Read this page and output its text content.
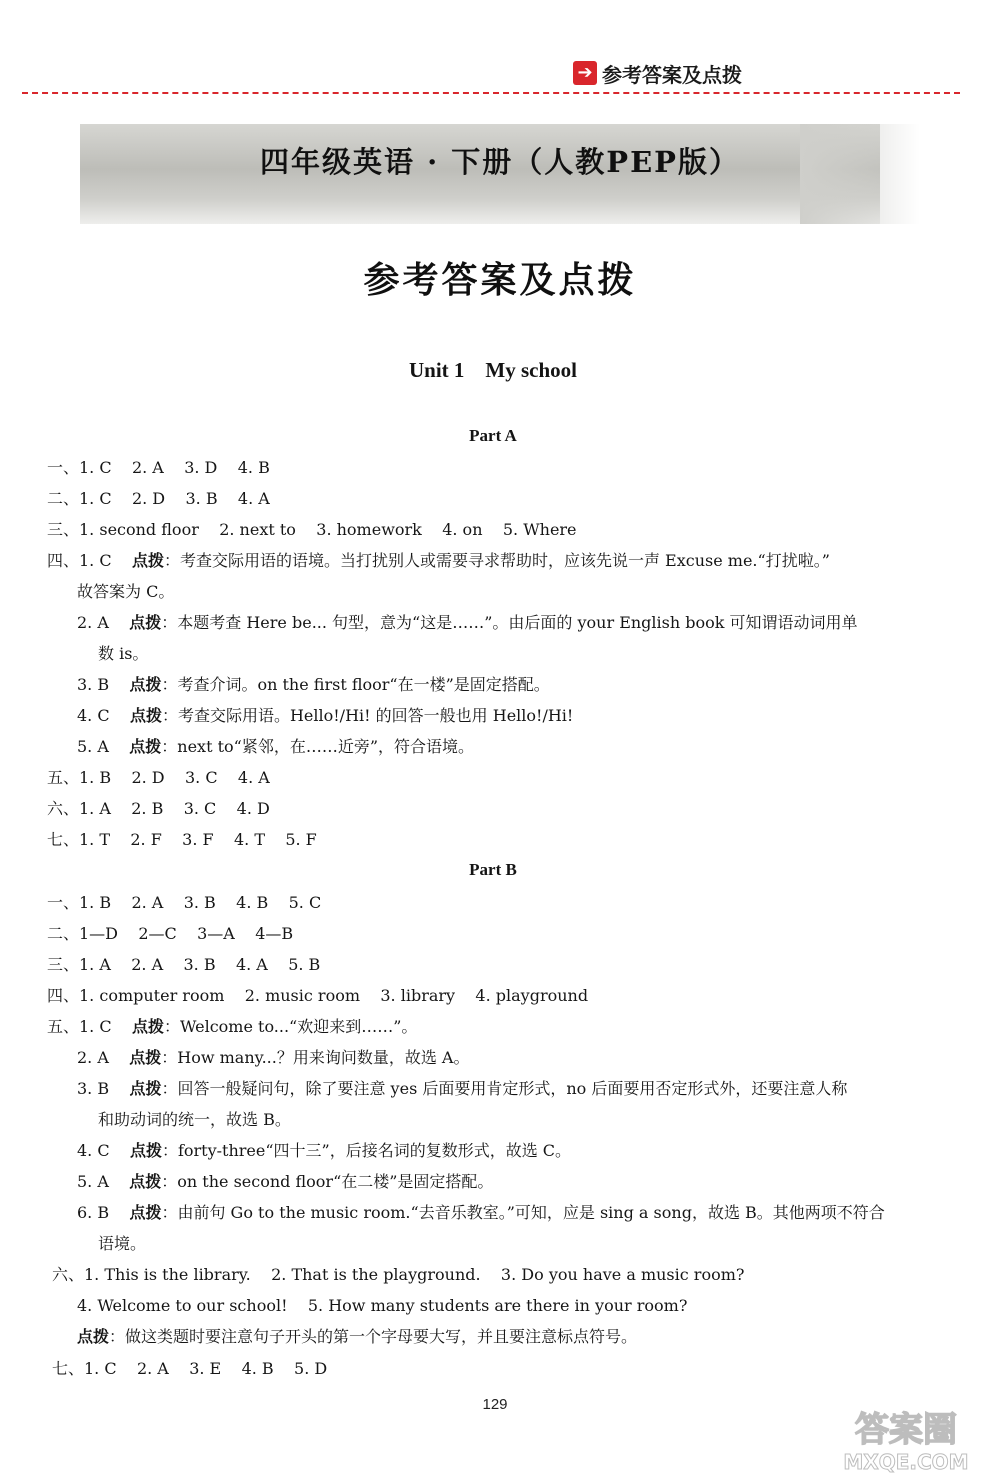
➔ 参考答案及点拨
四年级英语 · 下册（人教PEP版）
参考答案及点拨
Unit 1    My school
Part A
一、1. C    2. A    3. D    4. B
二、1. C    2. D    3. B    4. A
三、1. second floor    2. next to    3. homework    4. on    5. Where
四、1. C    点拨：考查交际用语的语境。当打扰别人或需要寻求帮助时，应该先说一声 Excuse me.“打扰啦。”
故答案为 C。
2. A    点拨：本题考查 Here be... 句型，意为“这是……”。由后面的 your English book 可知谓语动词用单
数 is。
3. B    点拨：考查介词。on the first floor“在一楼”是固定搭配。
4. C    点拨：考查交际用语。Hello!/Hi! 的回答一般也用 Hello!/Hi!
5. A    点拨：next to“紧邻，在……近旁”，符合语境。
五、1. B    2. D    3. C    4. A
六、1. A    2. B    3. C    4. D
七、1. T    2. F    3. F    4. T    5. F
Part B
一、1. B    2. A    3. B    4. B    5. C
二、1—D    2—C    3—A    4—B
三、1. A    2. A    3. B    4. A    5. B
四、1. computer room    2. music room    3. library    4. playground
五、1. C    点拨：Welcome to...“欢迎来到……”。
2. A    点拨：How many...？用来询问数量，故选 A。
3. B    点拨：回答一般疑问句，除了要注意 yes 后面要用肯定形式，no 后面要用否定形式外，还要注意人称
和助动词的统一，故选 B。
4. C    点拨：forty-three“四十三”，后接名词的复数形式，故选 C。
5. A    点拨：on the second floor“在二楼”是固定搭配。
6. B    点拨：由前句 Go to the music room.“去音乐教室。”可知，应是 sing a song，故选 B。其他两项不符合
语境。
六、1. This is the library.    2. That is the playground.    3. Do you have a music room?
4. Welcome to our school!    5. How many students are there in your room?
点拨：做这类题时要注意句子开头的第一个字母要大写，并且要注意标点符号。
七、1. C    2. A    3. E    4. B    5. D
129
答案圈
MXQE.COM
